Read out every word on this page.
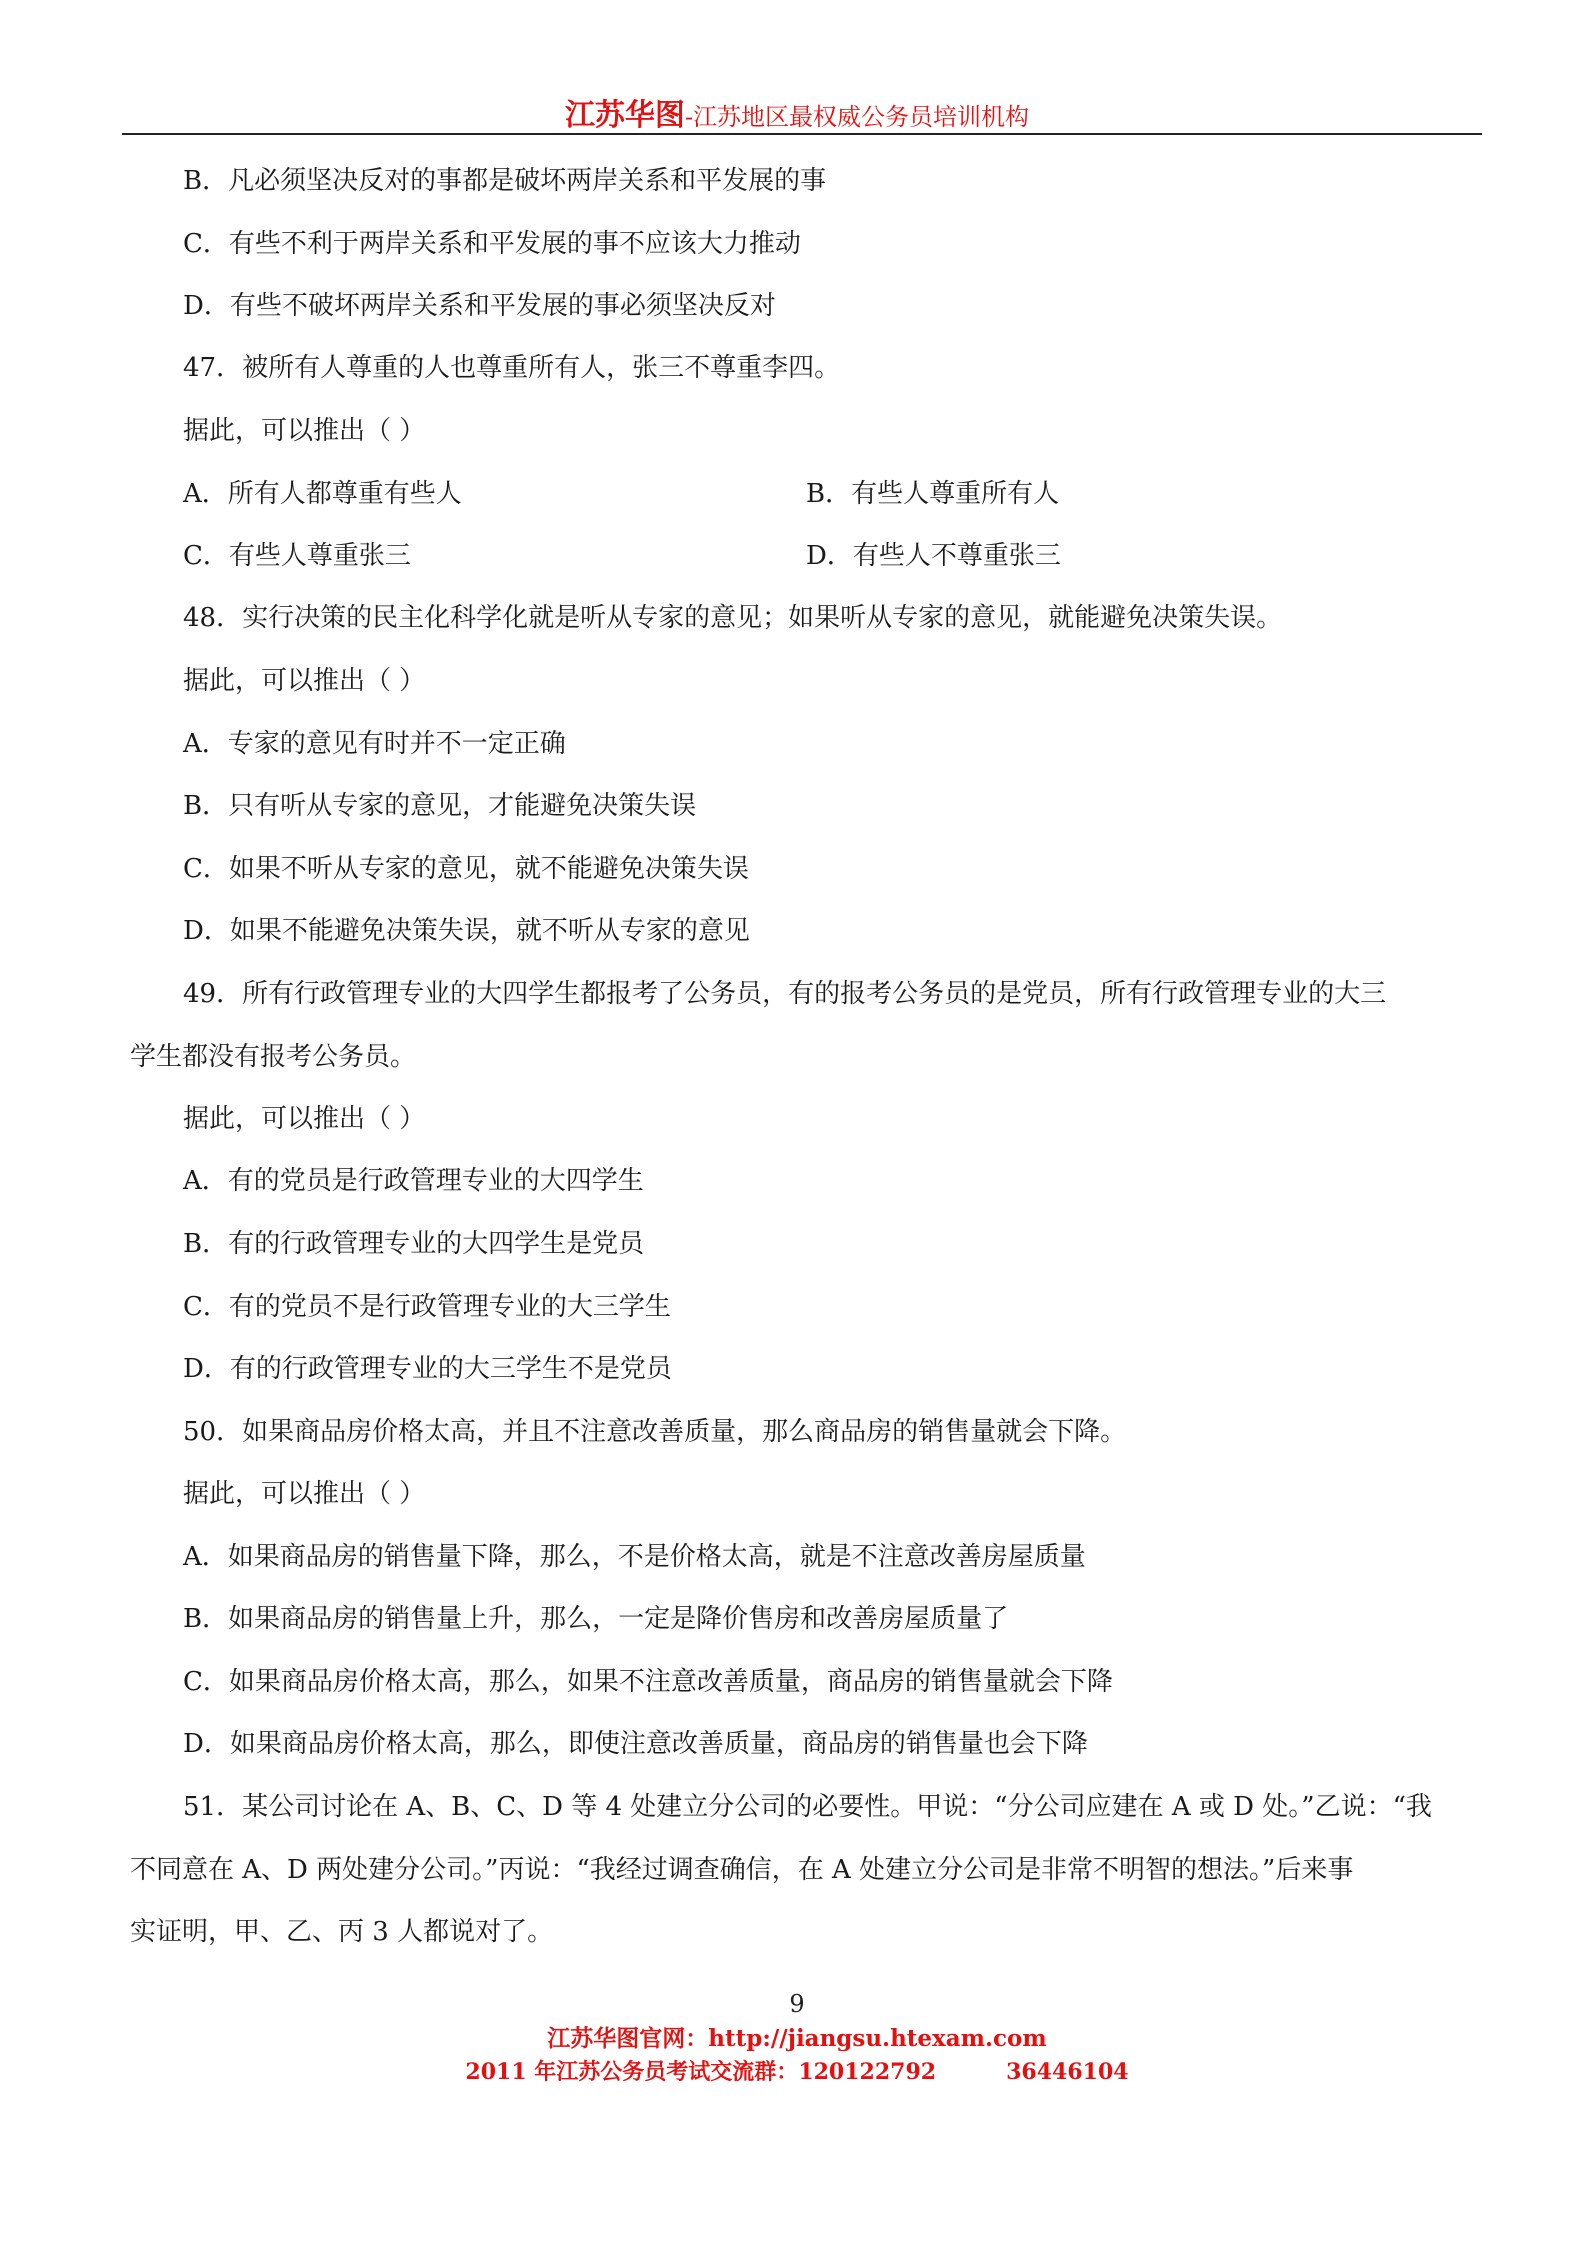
江苏华图-江苏地区最权威公务员培训机构
B．凡必须坚决反对的事都是破坏两岸关系和平发展的事
C．有些不利于两岸关系和平发展的事不应该大力推动
D．有些不破坏两岸关系和平发展的事必须坚决反对
47．被所有人尊重的人也尊重所有人，张三不尊重李四。
据此，可以推出（ ）
A．所有人都尊重有些人	B．有些人尊重所有人
C．有些人尊重张三	D．有些人不尊重张三
48．实行决策的民主化科学化就是听从专家的意见；如果听从专家的意见，就能避免决策失误。
据此，可以推出（ ）
A．专家的意见有时并不一定正确
B．只有听从专家的意见，才能避免决策失误
C．如果不听从专家的意见，就不能避免决策失误
D．如果不能避免决策失误，就不听从专家的意见
49．所有行政管理专业的大四学生都报考了公务员，有的报考公务员的是党员，所有行政管理专业的大三
学生都没有报考公务员。
据此，可以推出（ ）
A．有的党员是行政管理专业的大四学生
B．有的行政管理专业的大四学生是党员
C．有的党员不是行政管理专业的大三学生
D．有的行政管理专业的大三学生不是党员
50．如果商品房价格太高，并且不注意改善质量，那么商品房的销售量就会下降。
据此，可以推出（ ）
A．如果商品房的销售量下降，那么，不是价格太高，就是不注意改善房屋质量
B．如果商品房的销售量上升，那么，一定是降价售房和改善房屋质量了
C．如果商品房价格太高，那么，如果不注意改善质量，商品房的销售量就会下降
D．如果商品房价格太高，那么，即使注意改善质量，商品房的销售量也会下降
51．某公司讨论在 A、B、C、D 等 4 处建立分公司的必要性。甲说：“分公司应建在 A 或 D 处。”乙说：“我
不同意在 A、D 两处建分公司。”丙说：“我经过调查确信，在 A 处建立分公司是非常不明智的想法。”后来事
实证明，甲、乙、丙 3 人都说对了。
9
江苏华图官网：http://jiangsu.htexam.com
2011 年江苏公务员考试交流群：120122792	36446104
